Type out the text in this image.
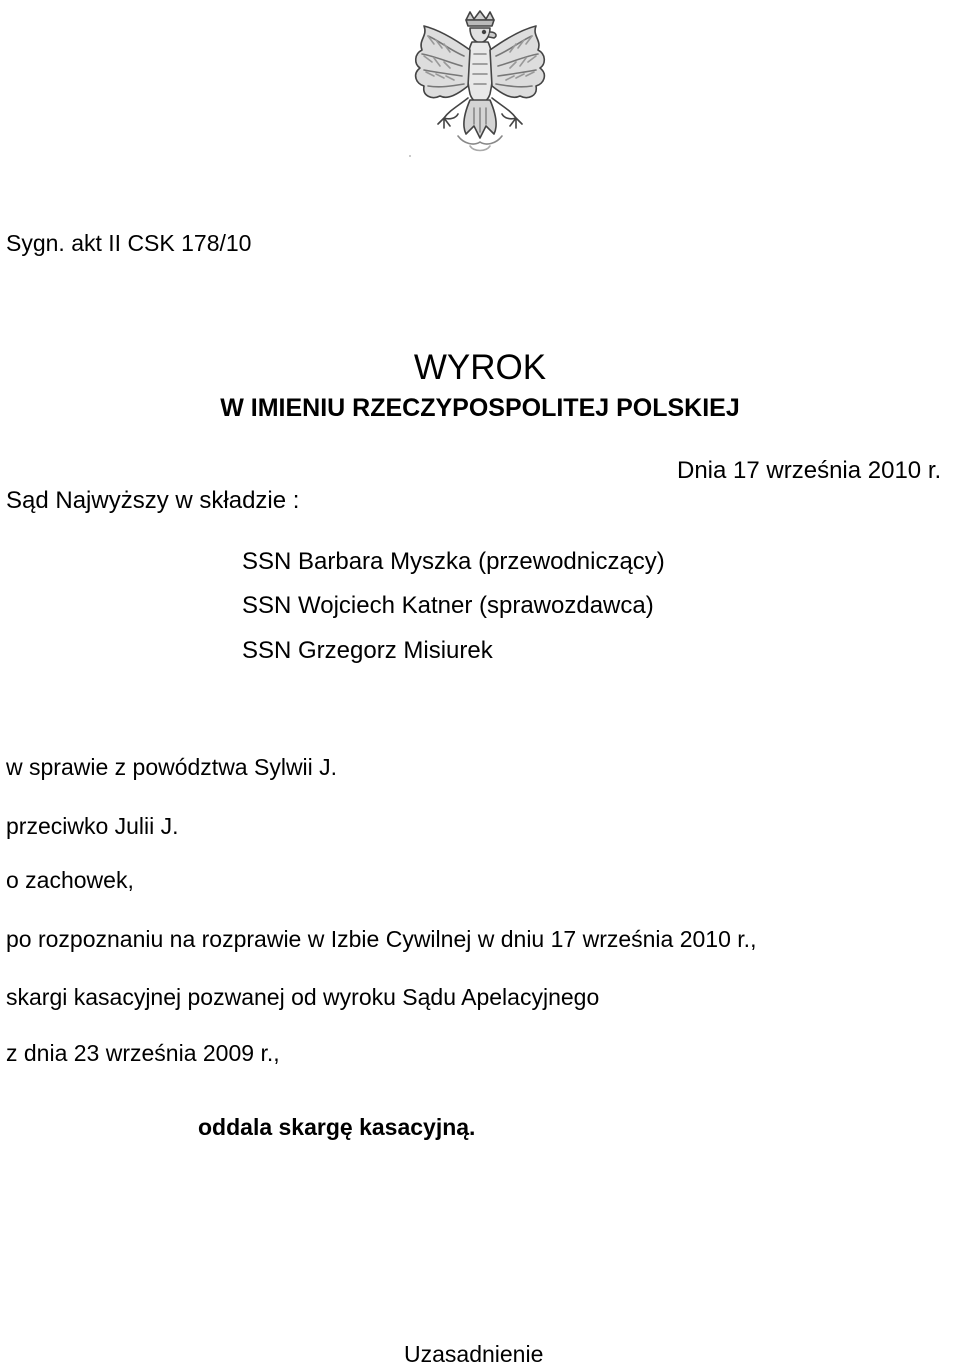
Sygn. akt II CSK 178/10
WYROK
W IMIENIU RZECZYPOSPOLITEJ POLSKIEJ
Dnia 17 września 2010 r.
Sąd Najwyższy w składzie :
SSN Barbara Myszka (przewodniczący)
SSN Wojciech Katner (sprawozdawca)
SSN Grzegorz Misiurek
w sprawie z powództwa Sylwii J.
przeciwko Julii J.
o zachowek,
po rozpoznaniu na rozprawie w Izbie Cywilnej w dniu 17 września 2010 r.,
skargi kasacyjnej pozwanej od wyroku Sądu Apelacyjnego
z dnia 23 września 2009 r.,
oddala skargę kasacyjną.
Uzasadnienie
